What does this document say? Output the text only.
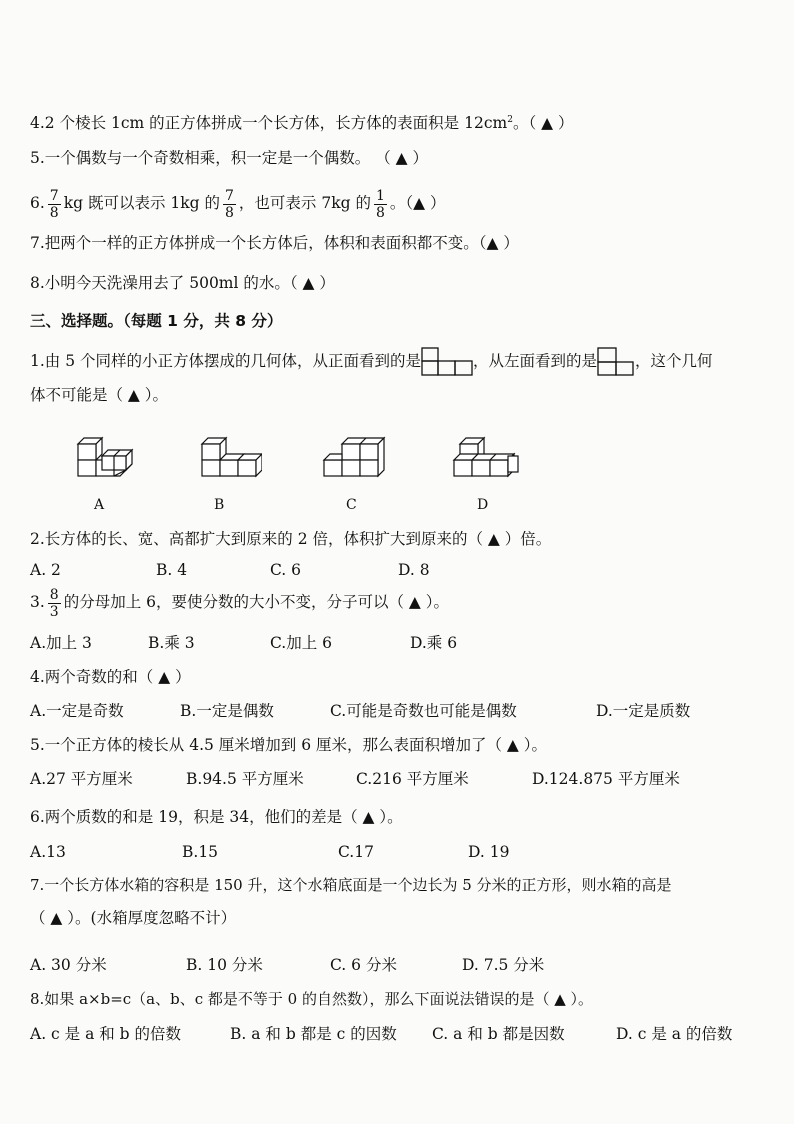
4.2 个棱长 1cm 的正方体拼成一个长方体，长方体的表面积是 $12cm^2$。（ ▲ ）
5.一个偶数与一个奇数相乘，积一定是一个偶数。 （ ▲ ）
6. $\frac{7}{8}$ kg 既可以表示 1kg 的 $\frac{7}{8}$ ，也可表示 7kg 的 $\frac{1}{8}$ 。（▲ ）
7.把两个一样的正方体拼成一个长方体后，体积和表面积都不变。（▲ ）
8.小明今天洗澡用去了 500ml 的水。（ ▲ ）
三、选择题。（每题 1 分，共 8 分）
1.由 5 个同样的小正方体摆成的几何体，从正面看到的是	，从左面看到的是 ，这个几何
体不可能是（ ▲ ）。
A	B	C	D
2.长方体的长、宽、高都扩大到原来的 2 倍，体积扩大到原来的（ ▲ ）倍。
A. 2	B. 4	C. 6	D. 8
3. $\frac{8}{3}$ 的分母加上 6，要使分数的大小不变，分子可以（ ▲ ）。
A.加上 3	B.乘 3	C.加上 6	D.乘 6
4.两个奇数的和（ ▲ ）
A.一定是奇数	B.一定是偶数	C.可能是奇数也可能是偶数	D.一定是质数
5.一个正方体的棱长从 4.5 厘米增加到 6 厘米，那么表面积增加了（ ▲ ）。
A.27 平方厘米	B.94.5 平方厘米	C.216 平方厘米	D.124.875 平方厘米
6.两个质数的和是 19，积是 34，他们的差是（ ▲ ）。
A.13	B.15	C.17	D. 19
7.一个长方体水箱的容积是 150 升，这个水箱底面是一个边长为 5 分米的正方形，则水箱的高是
（ ▲ ）。(水箱厚度忽略不计）
A. 30 分米	B. 10 分米	C. 6 分米	D. 7.5 分米
8.如果 a×b=c（a、b、c 都是不等于 0 的自然数），那么下面说法错误的是（ ▲ ）。
A. c 是 a 和 b 的倍数	B. a 和 b 都是 c 的因数 C. a 和 b 都是因数	D. c 是 a 的倍数
